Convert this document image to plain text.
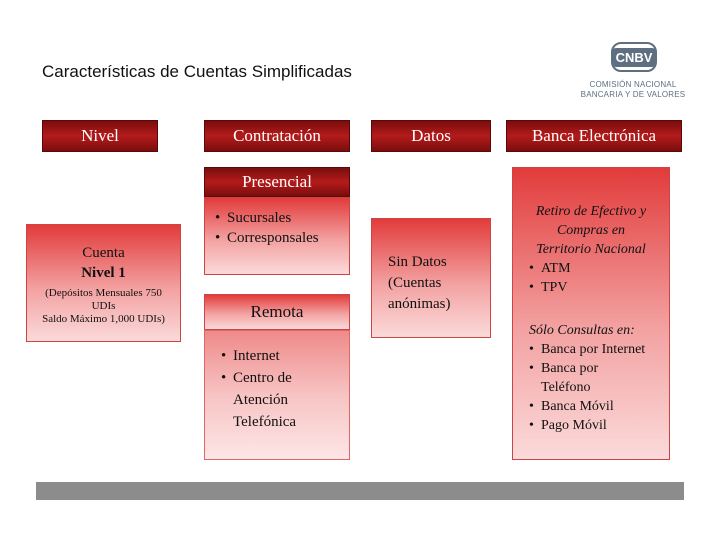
Características de Cuentas Simplificadas
CNBV
COMISIÓN NACIONAL
BANCARIA Y DE VALORES
Nivel	Contratación	Datos	Banca Electrónica
Cuenta
Nivel 1
(Depósitos Mensuales 750
UDIs
Saldo Máximo 1,000 UDIs)
Presencial
• Sucursales
• Corresponsales
Remota
• Internet
• Centro de
Atención
Telefónica
Sin Datos
(Cuentas
anónimas)
Retiro de Efectivo y
Compras en
Territorio Nacional
• ATM
• TPV
Sólo Consultas en:
• Banca por Internet
• Banca por
Teléfono
• Banca Móvil
• Pago Móvil
